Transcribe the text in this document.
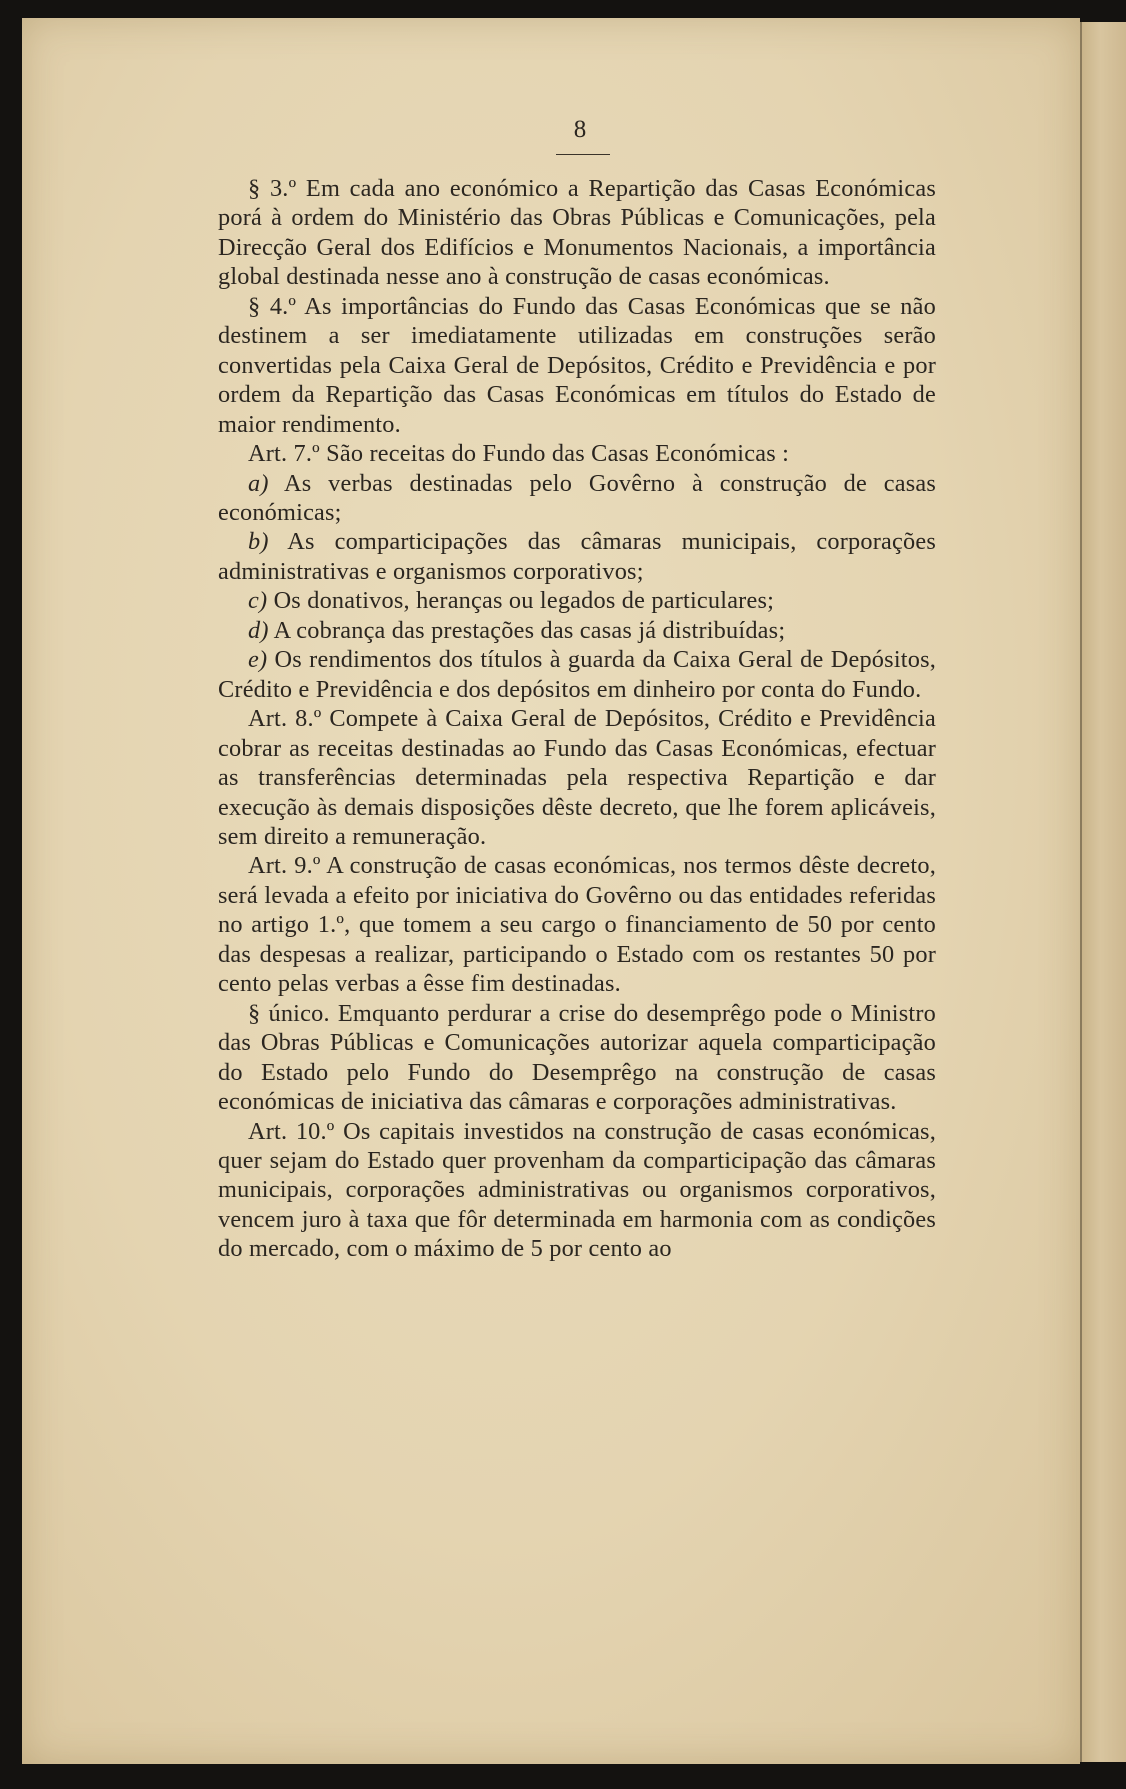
8

§ 3.º Em cada ano económico a Repartição das Casas Económicas porá à ordem do Ministério das Obras Públicas e Comunicações, pela Direcção Geral dos Edifícios e Monumentos Nacionais, a importância global destinada nesse ano à construção de casas económicas.

§ 4.º As importâncias do Fundo das Casas Económicas que se não destinem a ser imediatamente utilizadas em construções serão convertidas pela Caixa Geral de Depósitos, Crédito e Previdência e por ordem da Repartição das Casas Económicas em títulos do Estado de maior rendimento.

Art. 7.º São receitas do Fundo das Casas Económicas :

a) As verbas destinadas pelo Govêrno à construção de casas económicas;

b) As comparticipações das câmaras municipais, corporações administrativas e organismos corporativos;

c) Os donativos, heranças ou legados de particulares;

d) A cobrança das prestações das casas já distribuídas;

e) Os rendimentos dos títulos à guarda da Caixa Geral de Depósitos, Crédito e Previdência e dos depósitos em dinheiro por conta do Fundo.

Art. 8.º Compete à Caixa Geral de Depósitos, Crédito e Previdência cobrar as receitas destinadas ao Fundo das Casas Económicas, efectuar as transferências determinadas pela respectiva Repartição e dar execução às demais disposições dêste decreto, que lhe forem aplicáveis, sem direito a remuneração.

Art. 9.º A construção de casas económicas, nos termos dêste decreto, será levada a efeito por iniciativa do Govêrno ou das entidades referidas no artigo 1.º, que tomem a seu cargo o financiamento de 50 por cento das despesas a realizar, participando o Estado com os restantes 50 por cento pelas verbas a êsse fim destinadas.

§ único. Emquanto perdurar a crise do desemprêgo pode o Ministro das Obras Públicas e Comunicações autorizar aquela comparticipação do Estado pelo Fundo do Desemprêgo na construção de casas económicas de iniciativa das câmaras e corporações administrativas.

Art. 10.º Os capitais investidos na construção de casas económicas, quer sejam do Estado quer provenham da comparticipação das câmaras municipais, corporações administrativas ou organismos corporativos, vencem juro à taxa que fôr determinada em harmonia com as condições do mercado, com o máximo de 5 por cento ao
